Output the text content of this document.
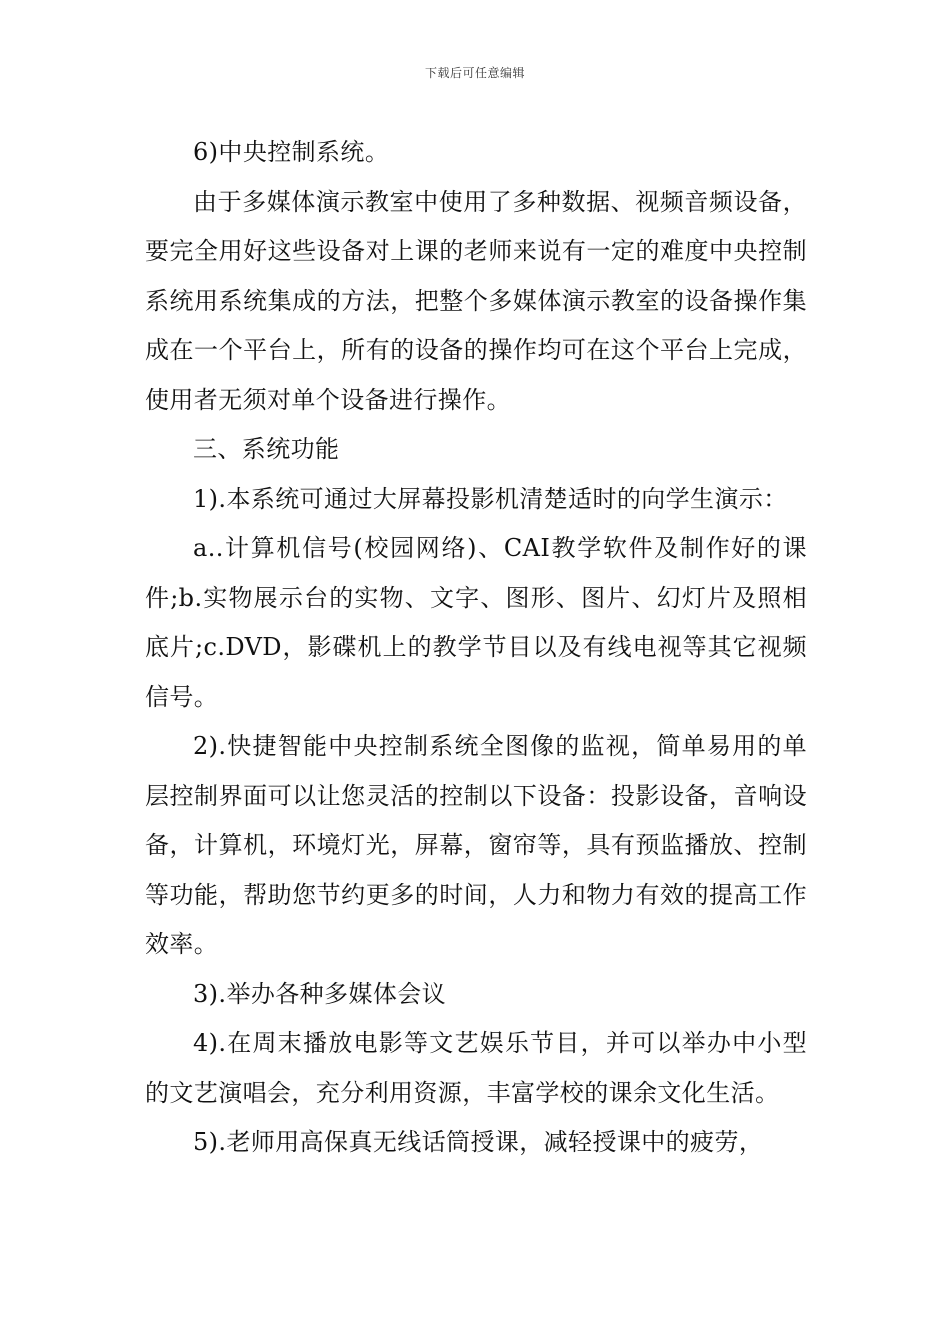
下载后可任意编辑

6)中央控制系统。

由于多媒体演示教室中使用了多种数据、视频音频设备，要完全用好这些设备对上课的老师来说有一定的难度中央控制系统用系统集成的方法，把整个多媒体演示教室的设备操作集成在一个平台上，所有的设备的操作均可在这个平台上完成，使用者无须对单个设备进行操作。

三、系统功能

1).本系统可通过大屏幕投影机清楚适时的向学生演示：

a..计算机信号(校园网络)、CAI教学软件及制作好的课件;b.实物展示台的实物、文字、图形、图片、幻灯片及照相底片;c.DVD，影碟机上的教学节目以及有线电视等其它视频信号。

2).快捷智能中央控制系统全图像的监视，简单易用的单层控制界面可以让您灵活的控制以下设备：投影设备，音响设备，计算机，环境灯光，屏幕，窗帘等，具有预监播放、控制等功能，帮助您节约更多的时间，人力和物力有效的提高工作效率。

3).举办各种多媒体会议

4).在周末播放电影等文艺娱乐节目，并可以举办中小型的文艺演唱会，充分利用资源，丰富学校的课余文化生活。

5).老师用高保真无线话筒授课，减轻授课中的疲劳，
